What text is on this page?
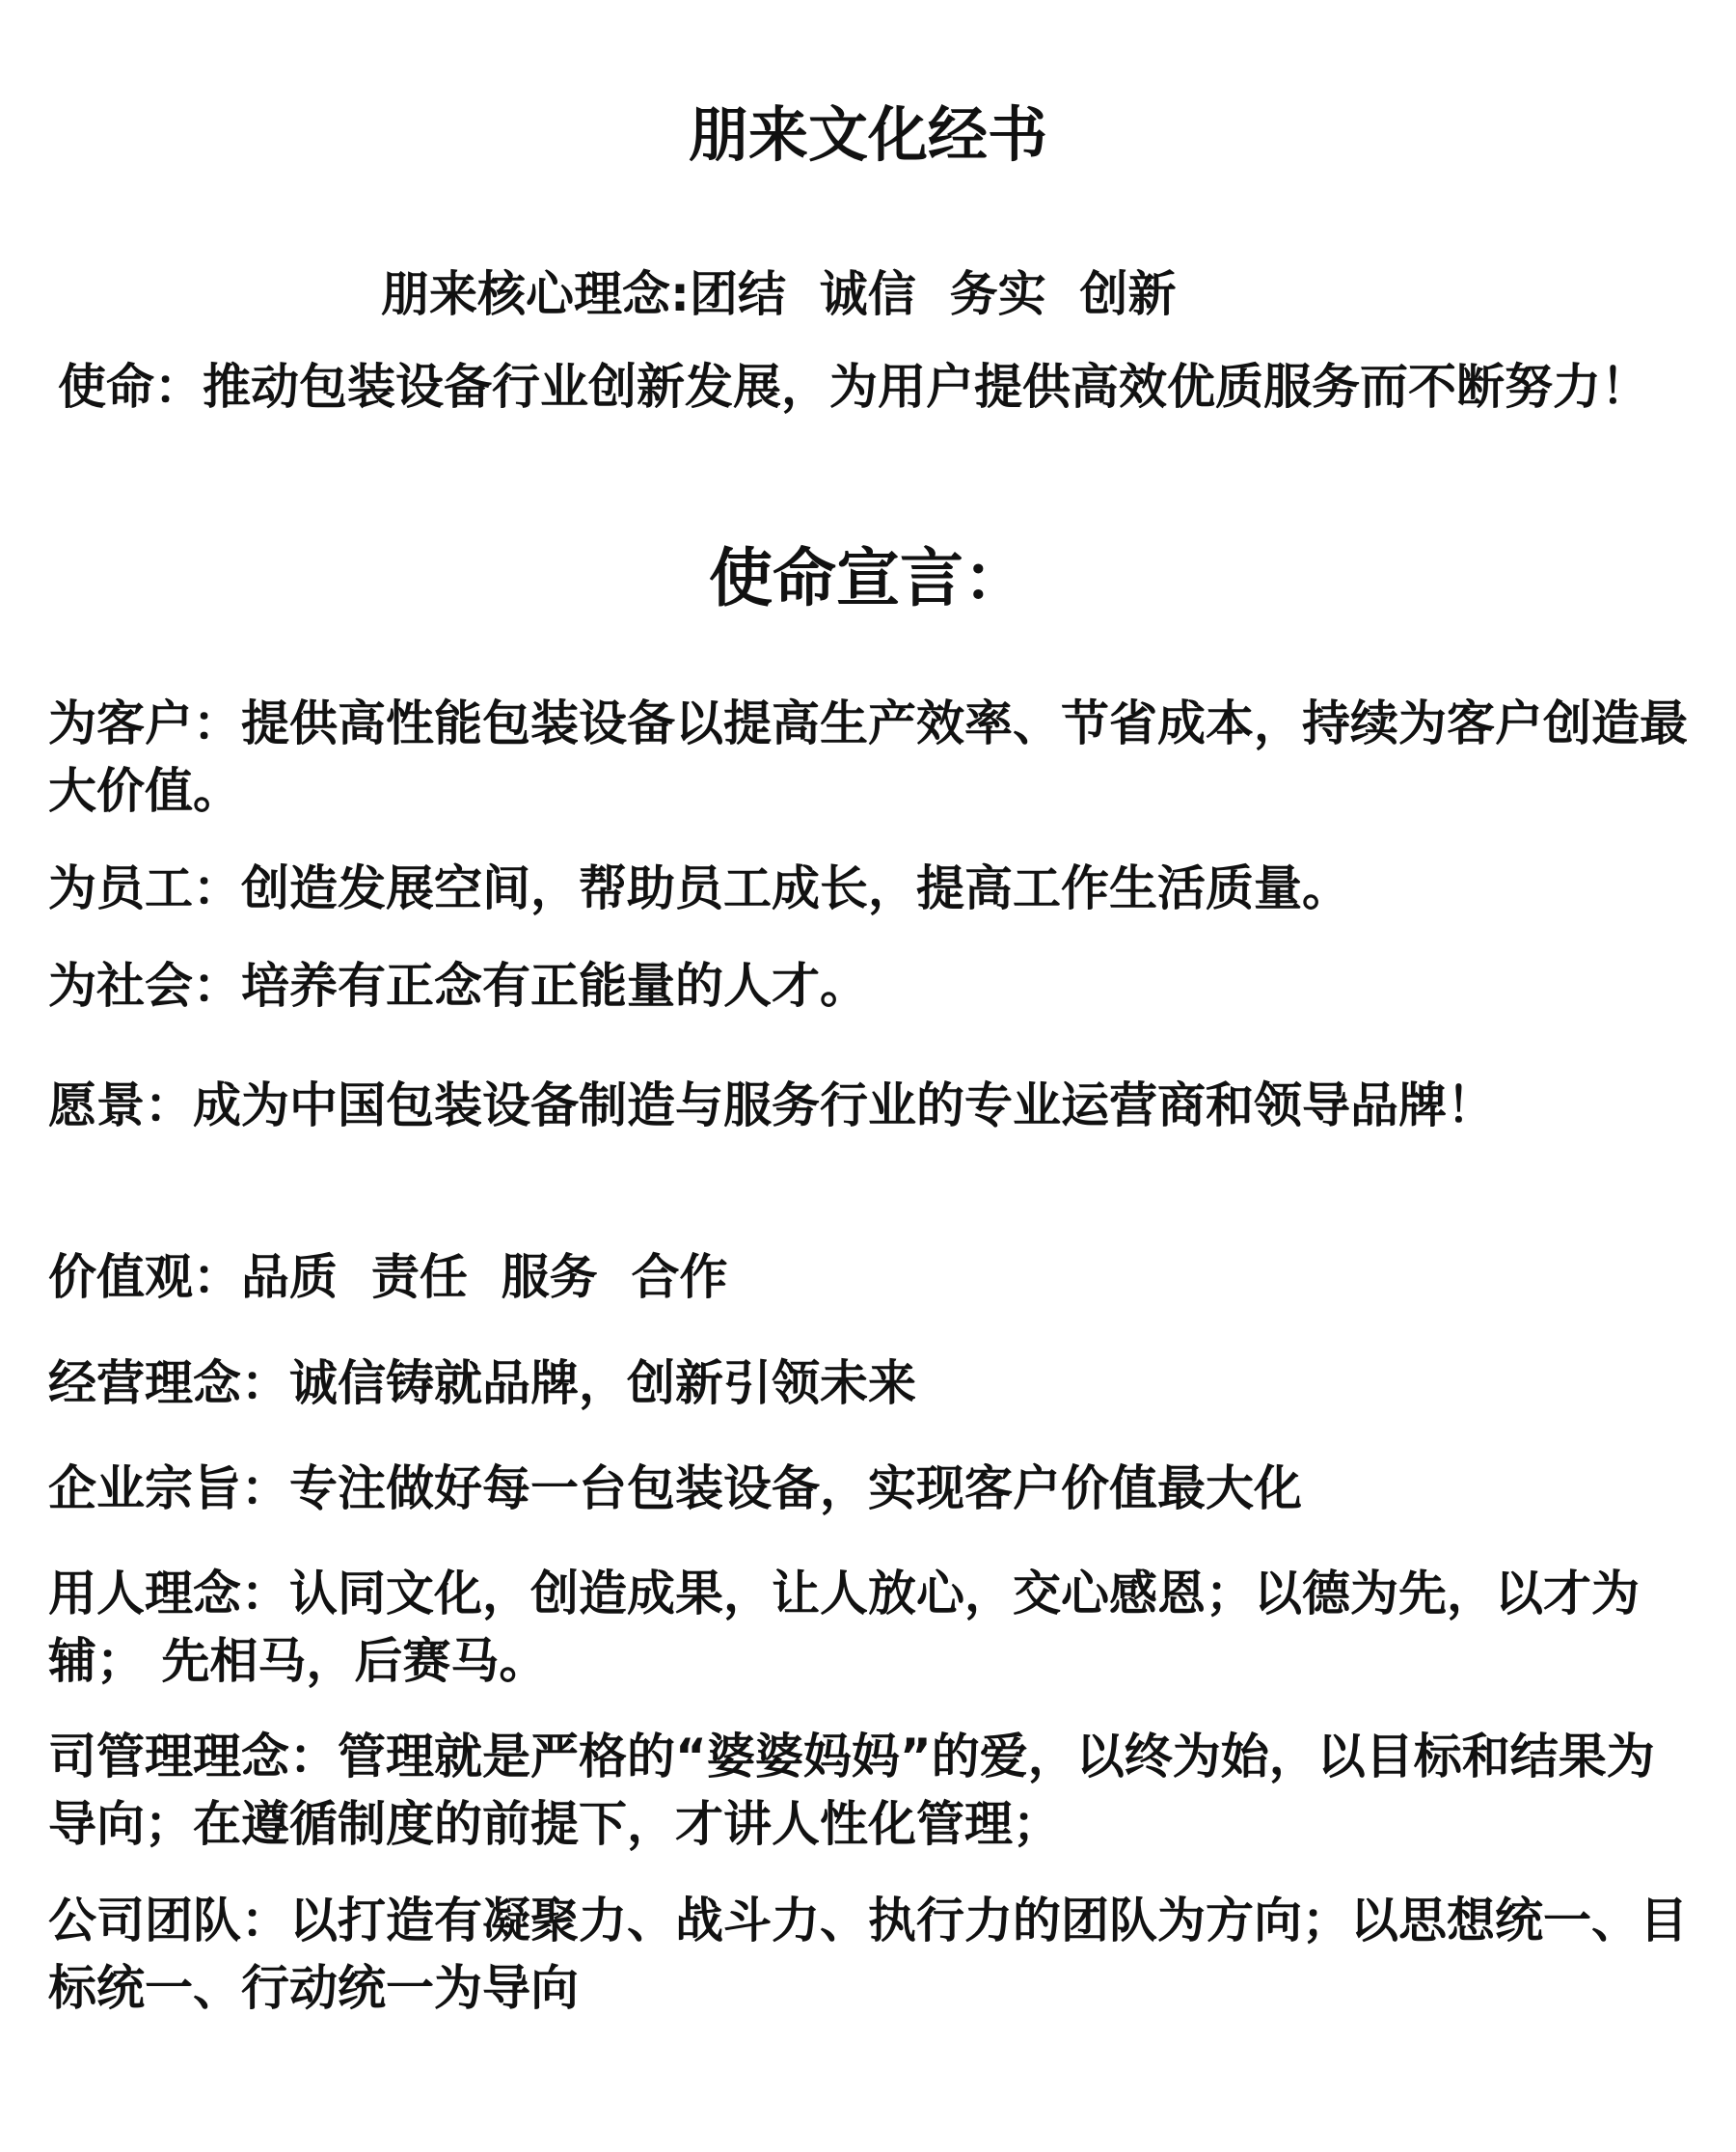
朋来文化经书
朋来核心理念:团结  诚信  务实  创新
使命：推动包装设备行业创新发展，为用户提供高效优质服务而不断努力！
使命宣言：
为客户：提供高性能包装设备以提高生产效率、节省成本，持续为客户创造最大价值。
为员工：创造发展空间，帮助员工成长，提高工作生活质量。
为社会：培养有正念有正能量的人才。
愿景：成为中国包装设备制造与服务行业的专业运营商和领导品牌！
价值观：品质  责任  服务  合作
经营理念：诚信铸就品牌，创新引领未来
企业宗旨：专注做好每一台包装设备，实现客户价值最大化
用人理念：认同文化，创造成果，让人放心，交心感恩；以德为先，以才为辅； 先相马，后赛马。
司管理理念：管理就是严格的“婆婆妈妈”的爱，以终为始，以目标和结果为导向；在遵循制度的前提下，才讲人性化管理；
公司团队：以打造有凝聚力、战斗力、执行力的团队为方向；以思想统一、目标统一、行动统一为导向
